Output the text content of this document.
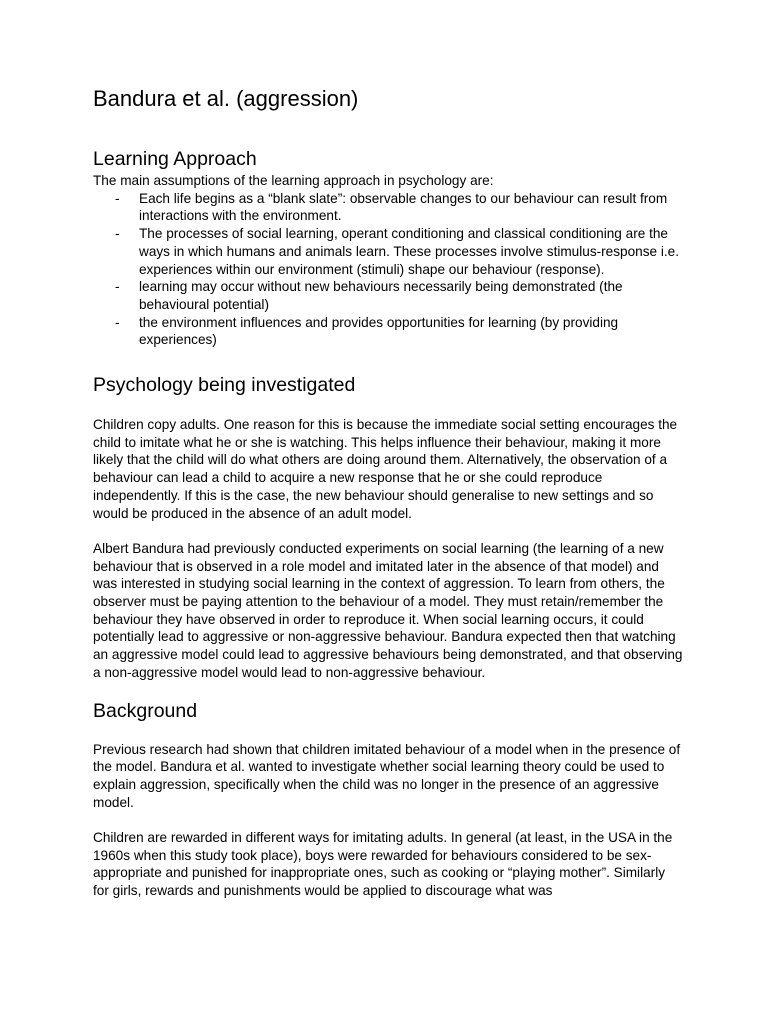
Bandura et al. (aggression)
Learning Approach

The main assumptions of the learning approach in psychology are:

- Each life begins as a “blank slate”: observable changes to our behaviour can result from interactions with the environment.
- The processes of social learning, operant conditioning and classical conditioning are the ways in which humans and animals learn. These processes involve stimulus-response i.e. experiences within our environment (stimuli) shape our behaviour (response).
- learning may occur without new behaviours necessarily being demonstrated (the behavioural potential)
- the environment influences and provides opportunities for learning (by providing experiences)
Psychology being investigated

Children copy adults. One reason for this is because the immediate social setting encourages the child to imitate what he or she is watching. This helps influence their behaviour, making it more likely that the child will do what others are doing around them. Alternatively, the observation of a behaviour can lead a child to acquire a new response that he or she could reproduce independently. If this is the case, the new behaviour should generalise to new settings and so would be produced in the absence of an adult model.

Albert Bandura had previously conducted experiments on social learning (the learning of a new behaviour that is observed in a role model and imitated later in the absence of that model) and was interested in studying social learning in the context of aggression. To learn from others, the observer must be paying attention to the behaviour of a model. They must retain/remember the behaviour they have observed in order to reproduce it. When social learning occurs, it could potentially lead to aggressive or non-aggressive behaviour. Bandura expected then that watching an aggressive model could lead to aggressive behaviours being demonstrated, and that observing a non-aggressive model would lead to non-aggressive behaviour.

Background

Previous research had shown that children imitated behaviour of a model when in the presence of the model. Bandura et al. wanted to investigate whether social learning theory could be used to explain aggression, specifically when the child was no longer in the presence of an aggressive model.

Children are rewarded in different ways for imitating adults. In general (at least, in the USA in the 1960s when this study took place), boys were rewarded for behaviours considered to be sex-appropriate and punished for inappropriate ones, such as cooking or “playing mother”. Similarly for girls, rewards and punishments would be applied to discourage what was
